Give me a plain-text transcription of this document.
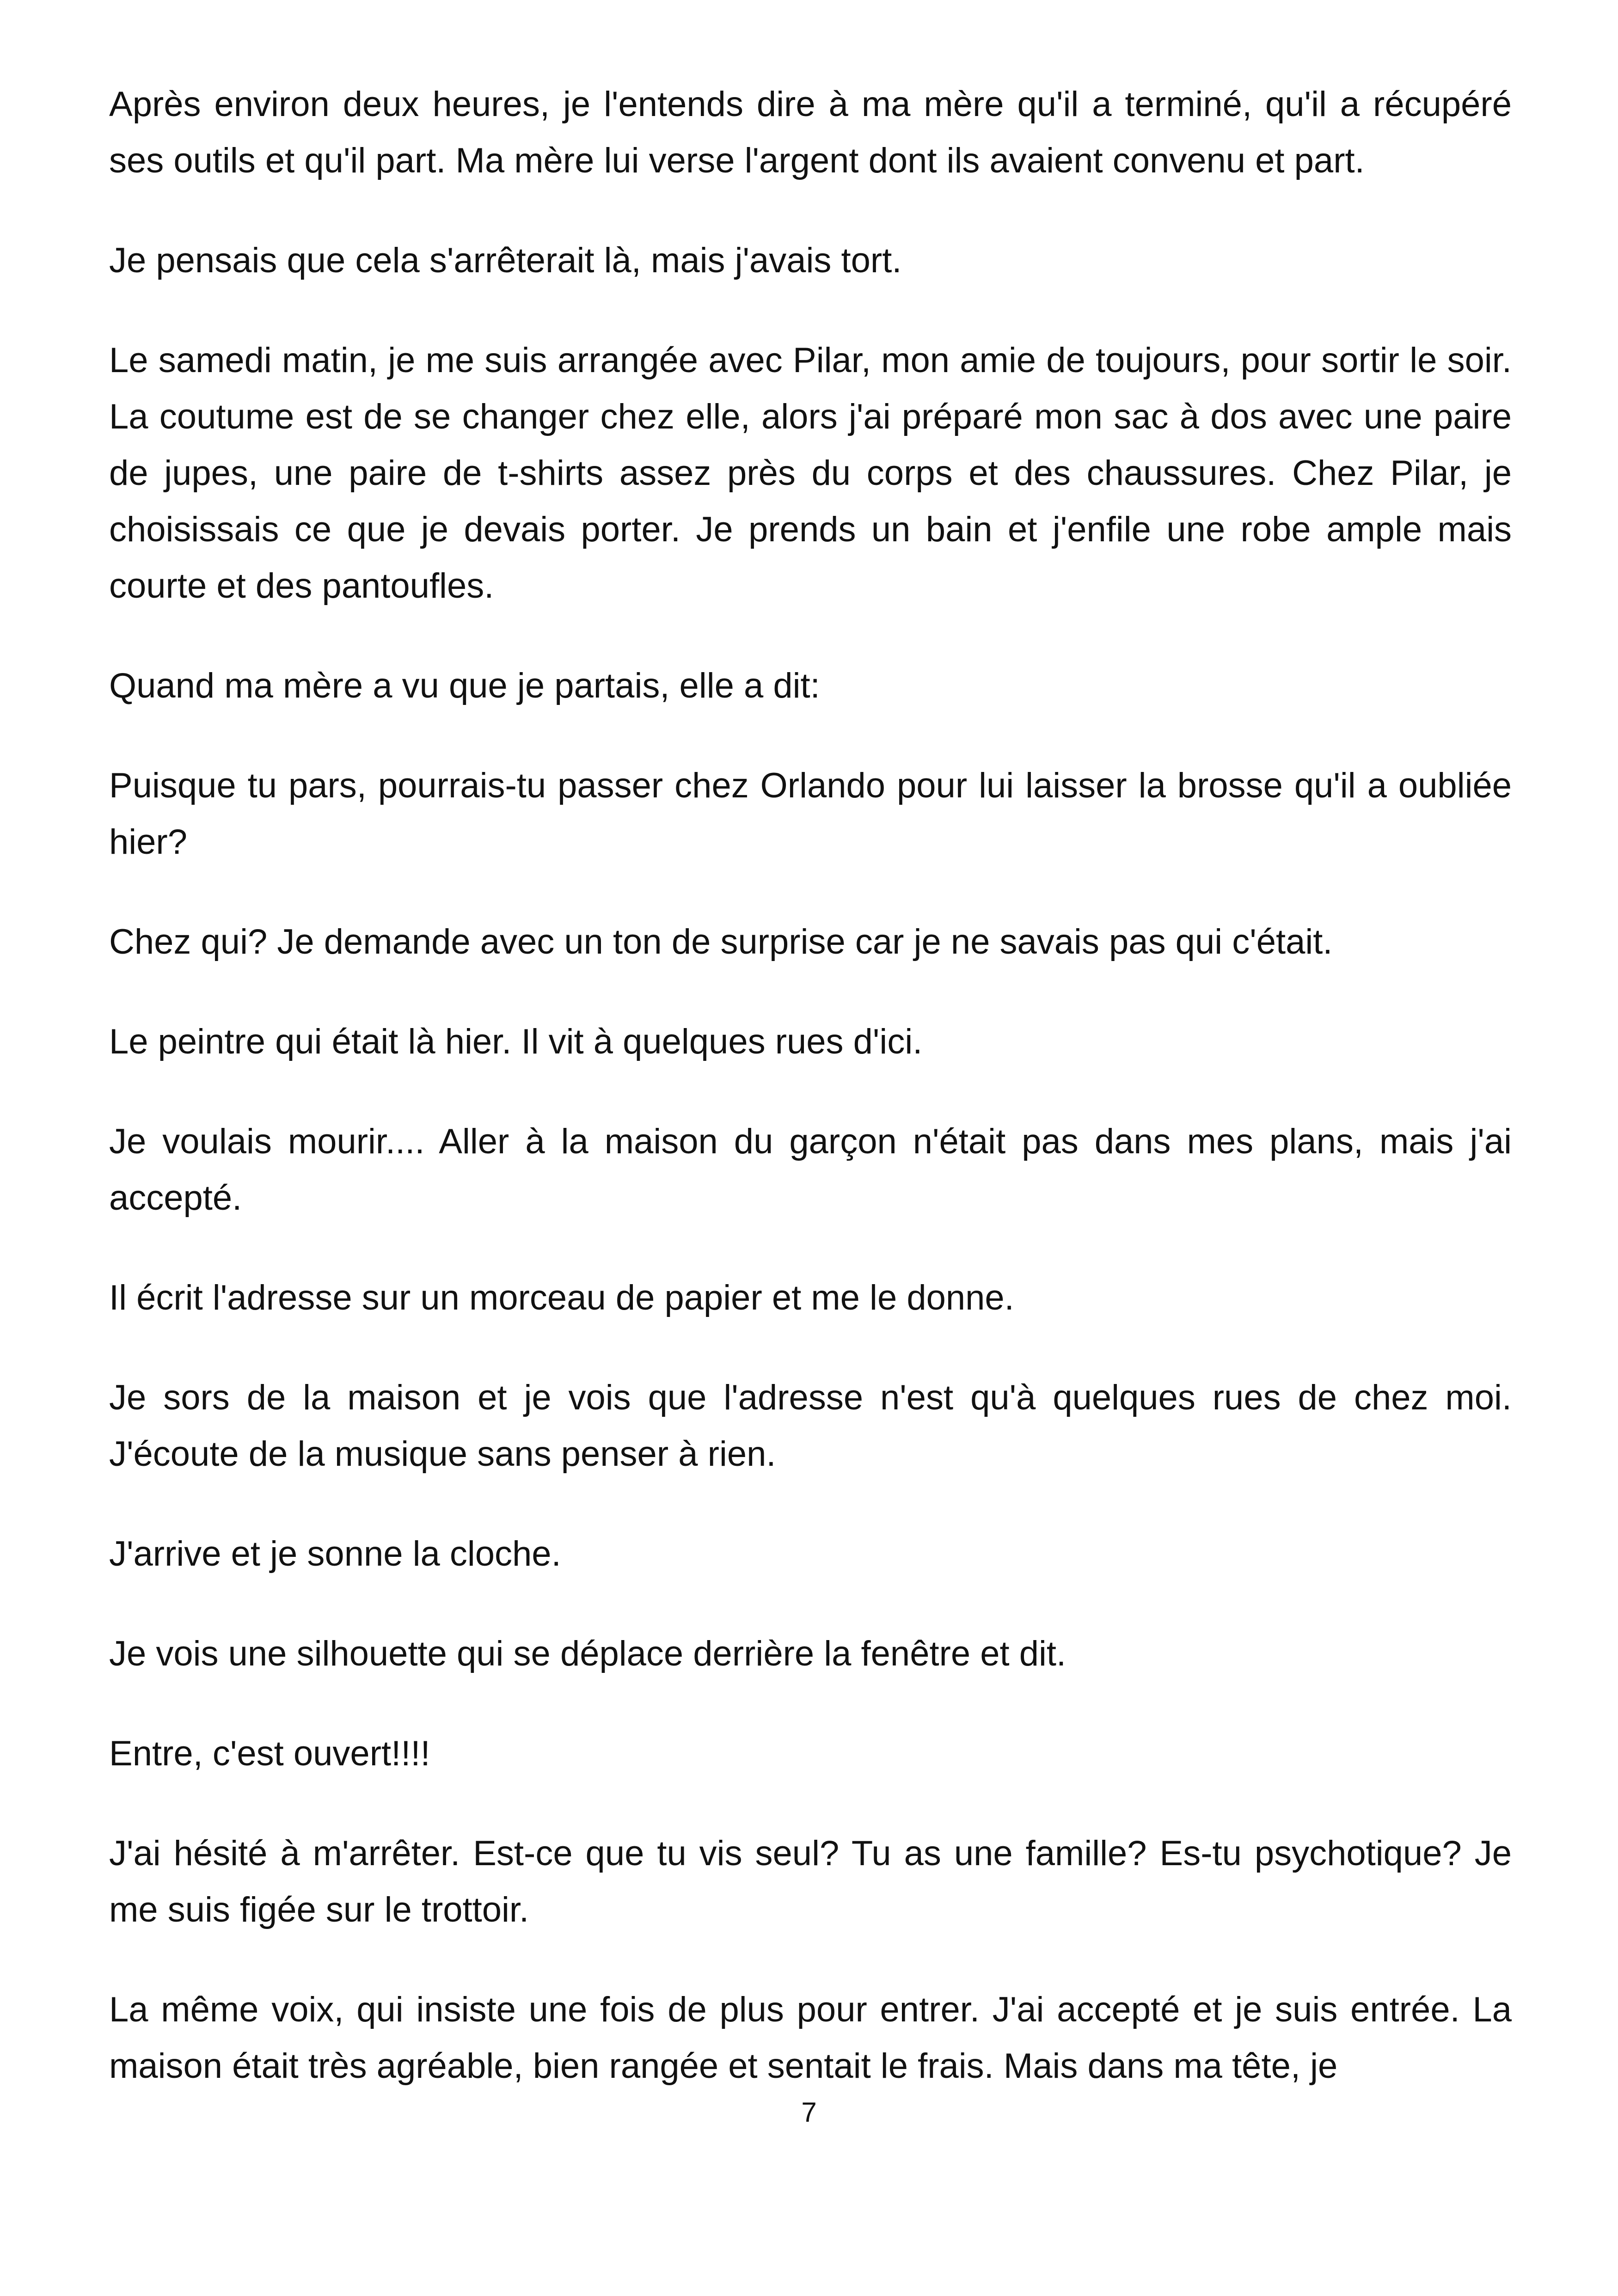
Après environ deux heures, je l'entends dire à ma mère qu'il a terminé, qu'il a récupéré ses outils et qu'il part. Ma mère lui verse l'argent dont ils avaient convenu et part.

Je pensais que cela s'arrêterait là, mais j'avais tort.

Le samedi matin, je me suis arrangée avec Pilar, mon amie de toujours, pour sortir le soir. La coutume est de se changer chez elle, alors j'ai préparé mon sac à dos avec une paire de jupes, une paire de t-shirts assez près du corps et des chaussures. Chez Pilar, je choisissais ce que je devais porter. Je prends un bain et j'enfile une robe ample mais courte et des pantoufles.

Quand ma mère a vu que je partais, elle a dit:

Puisque tu pars, pourrais-tu passer chez Orlando pour lui laisser la brosse qu'il a oubliée hier?

Chez qui? Je demande avec un ton de surprise car je ne savais pas qui c'était.

Le peintre qui était là hier. Il vit à quelques rues d'ici.

Je voulais mourir.... Aller à la maison du garçon n'était pas dans mes plans, mais j'ai accepté.

Il écrit l'adresse sur un morceau de papier et me le donne.

Je sors de la maison et je vois que l'adresse n'est qu'à quelques rues de chez moi. J'écoute de la musique sans penser à rien.

J'arrive et je sonne la cloche.

Je vois une silhouette qui se déplace derrière la fenêtre et dit.

Entre, c'est ouvert!!!!

J'ai hésité à m'arrêter. Est-ce que tu vis seul? Tu as une famille? Es-tu psychotique? Je me suis figée sur le trottoir.

La même voix, qui insiste une fois de plus pour entrer. J'ai accepté et je suis entrée. La maison était très agréable, bien rangée et sentait le frais. Mais dans ma tête, je

7
